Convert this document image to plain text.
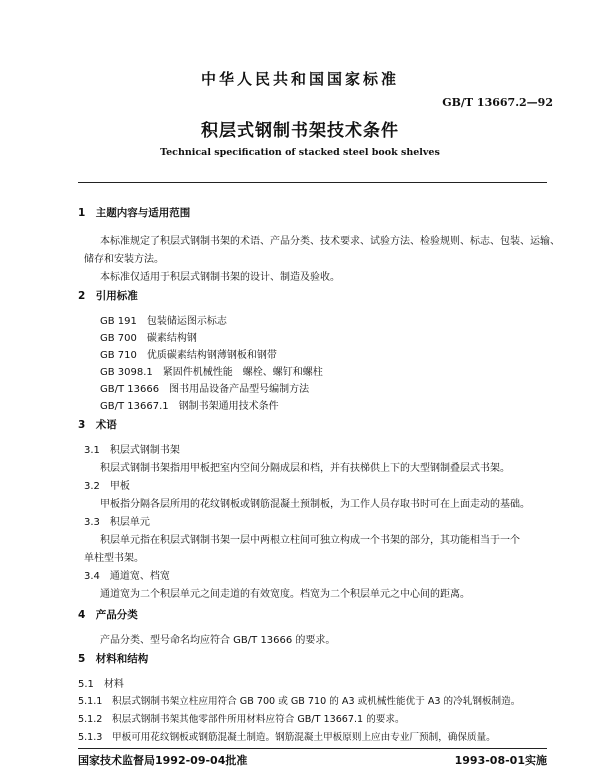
中华人民共和国国家标准
GB/T 13667.2—92
积层式钢制书架技术条件
Technical specification of stacked steel book shelves
1　主题内容与适用范围
本标准规定了积层式钢制书架的术语、产品分类、技术要求、试验方法、检验规则、标志、包装、运输、
储存和安装方法。
本标准仅适用于积层式钢制书架的设计、制造及验收。
2　引用标准
GB 191　包装储运图示标志
GB 700　碳素结构钢
GB 710　优质碳素结构钢薄钢板和钢带
GB 3098.1　紧固件机械性能　螺栓、螺钉和螺柱
GB/T 13666　图书用品设备产品型号编制方法
GB/T 13667.1　钢制书架通用技术条件
3　术语
3.1　积层式钢制书架
积层式钢制书架指用甲板把室内空间分隔成层和档，并有扶梯供上下的大型钢制叠层式书架。
3.2　甲板
甲板指分隔各层所用的花纹钢板或钢筋混凝土预制板，为工作人员存取书时可在上面走动的基础。
3.3　积层单元
积层单元指在积层式钢制书架一层中两根立柱间可独立构成一个书架的部分，其功能相当于一个
单柱型书架。
3.4　通道宽、档宽
通道宽为二个积层单元之间走道的有效宽度。档宽为二个积层单元之中心间的距离。
4　产品分类
产品分类、型号命名均应符合 GB/T 13666 的要求。
5　材料和结构
5.1　材料
5.1.1　积层式钢制书架立柱应用符合 GB 700 或 GB 710 的 A3 或机械性能优于 A3 的冷轧钢板制造。
5.1.2　积层式钢制书架其他零部件所用材料应符合 GB/T 13667.1 的要求。
5.1.3　甲板可用花纹钢板或钢筋混凝土制造。钢筋混凝土甲板原则上应由专业厂预制，确保质量。
国家技术监督局1992-09-04批准	1993-08-01实施
